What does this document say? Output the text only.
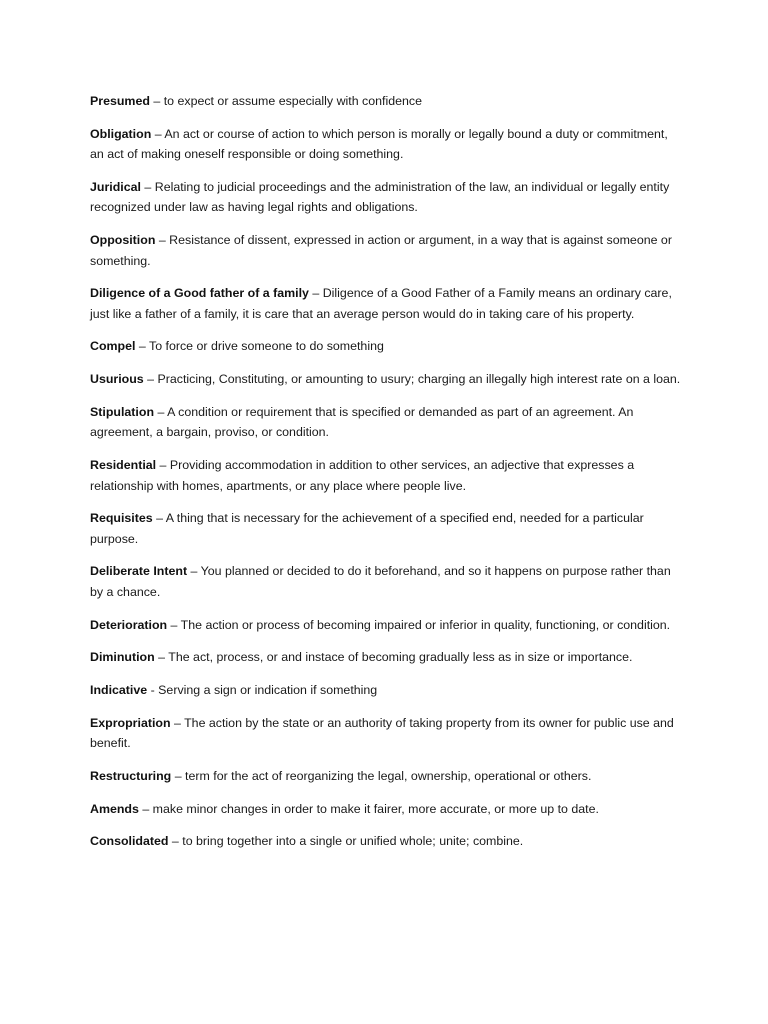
Presumed – to expect or assume especially with confidence

Obligation – An act or course of action to which person is morally or legally bound a duty or commitment, an act of making oneself responsible or doing something.

Juridical – Relating to judicial proceedings and the administration of the law, an individual or legally entity recognized under law as having legal rights and obligations.

Opposition – Resistance of dissent, expressed in action or argument, in a way that is against someone or something.

Diligence of a Good father of a family – Diligence of a Good Father of a Family means an ordinary care, just like a father of a family, it is care that an average person would do in taking care of his property.

Compel – To force or drive someone to do something

Usurious – Practicing, Constituting, or amounting to usury; charging an illegally high interest rate on a loan.

Stipulation – A condition or requirement that is specified or demanded as part of an agreement. An agreement, a bargain, proviso, or condition.

Residential – Providing accommodation in addition to other services, an adjective that expresses a relationship with homes, apartments, or any place where people live.

Requisites – A thing that is necessary for the achievement of a specified end, needed for a particular purpose.

Deliberate Intent – You planned or decided to do it beforehand, and so it happens on purpose rather than by a chance.

Deterioration – The action or process of becoming impaired or inferior in quality, functioning, or condition.

Diminution – The act, process, or and instace of becoming gradually less as in size or importance.

Indicative - Serving a sign or indication if something

Expropriation – The action by the state or an authority of taking property from its owner for public use and benefit.

Restructuring – term for the act of reorganizing the legal, ownership, operational or others.

Amends – make minor changes in order to make it fairer, more accurate, or more up to date.

Consolidated – to bring together into a single or unified whole; unite; combine.
